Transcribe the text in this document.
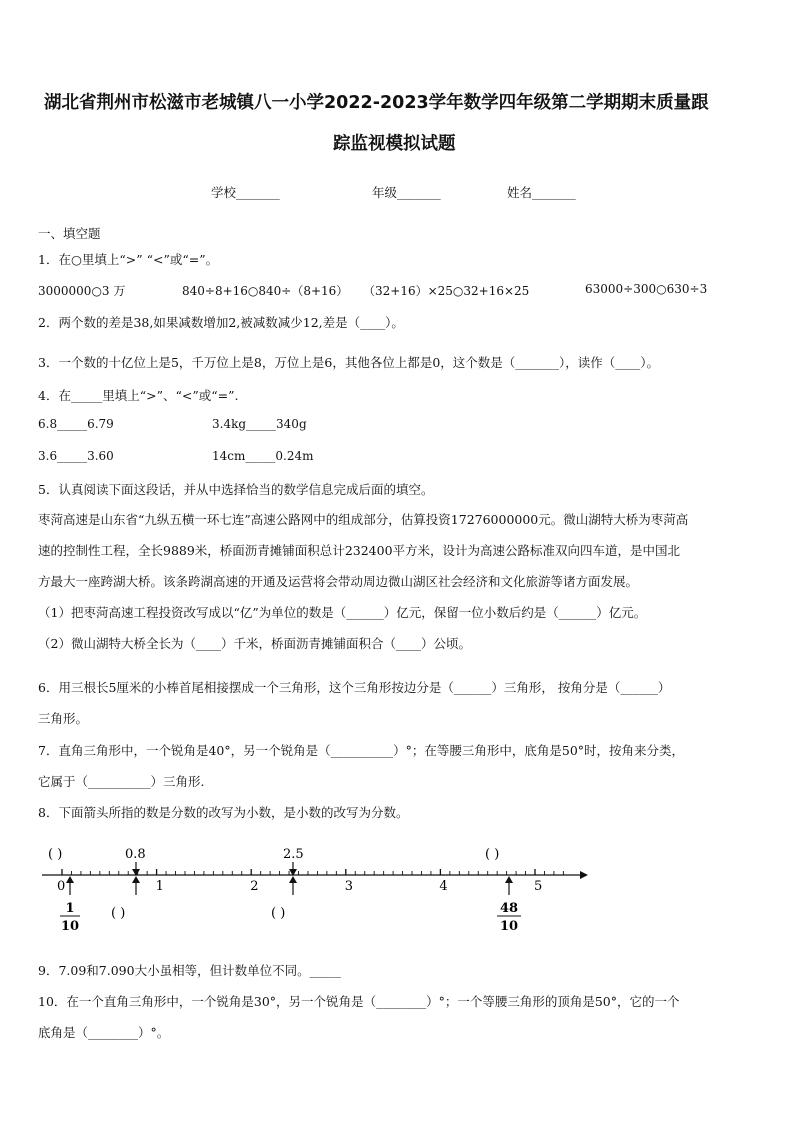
湖北省荆州市松滋市老城镇八一小学2022-2023学年数学四年级第二学期期末质量跟
踪监视模拟试题
学校_______	年级_______	姓名_______
一、填空题
1．在○里填上“>” “<”或“=”。
3000000○3 万	840÷8+16○840÷（8+16） （32+16）×25○32+16×25	63000÷300○630÷3
2．两个数的差是38,如果减数增加2,被减数减少12,差是（____）。
3．一个数的十亿位上是5，千万位上是8，万位上是6，其他各位上都是0，这个数是（_______），读作（____）。
4．在_____里填上“>”、“<”或“=”.
6.8_____6.79	3.4kg_____340g
3.6_____3.60	14cm_____0.24m
5．认真阅读下面这段话，并从中选择恰当的数学信息完成后面的填空。
枣菏高速是山东省“九纵五横一环七连”高速公路网中的组成部分，估算投资17276000000元。微山湖特大桥为枣菏高
速的控制性工程，全长9889米，桥面沥青摊铺面积总计232400平方米，设计为高速公路标准双向四车道，是中国北
方最大一座跨湖大桥。该条跨湖高速的开通及运营将会带动周边微山湖区社会经济和文化旅游等诸方面发展。
（1）把枣菏高速工程投资改写成以“亿”为单位的数是（______）亿元，保留一位小数后约是（______）亿元。
（2）微山湖特大桥全长为（____）千米，桥面沥青摊铺面积合（____）公顷。
6．用三根长5厘米的小棒首尾相接摆成一个三角形，这个三角形按边分是（______）三角形， 按角分是（______）
三角形。
7．直角三角形中，一个锐角是40°，另一个锐角是（__________）°；在等腰三角形中，底角是50°时，按角来分类，
它属于（__________）三角形.
8．下面箭头所指的数是分数的改写为小数，是小数的改写为分数。
( )	0.8	2.5	( )
0	1	2	3	4	5
1
10
( )	( )	48
10
9．7.09和7.090大小虽相等，但计数单位不同。_____
10．在一个直角三角形中，一个锐角是30°，另一个锐角是（________）°；一个等腰三角形的顶角是50°，它的一个
底角是（________）°。
